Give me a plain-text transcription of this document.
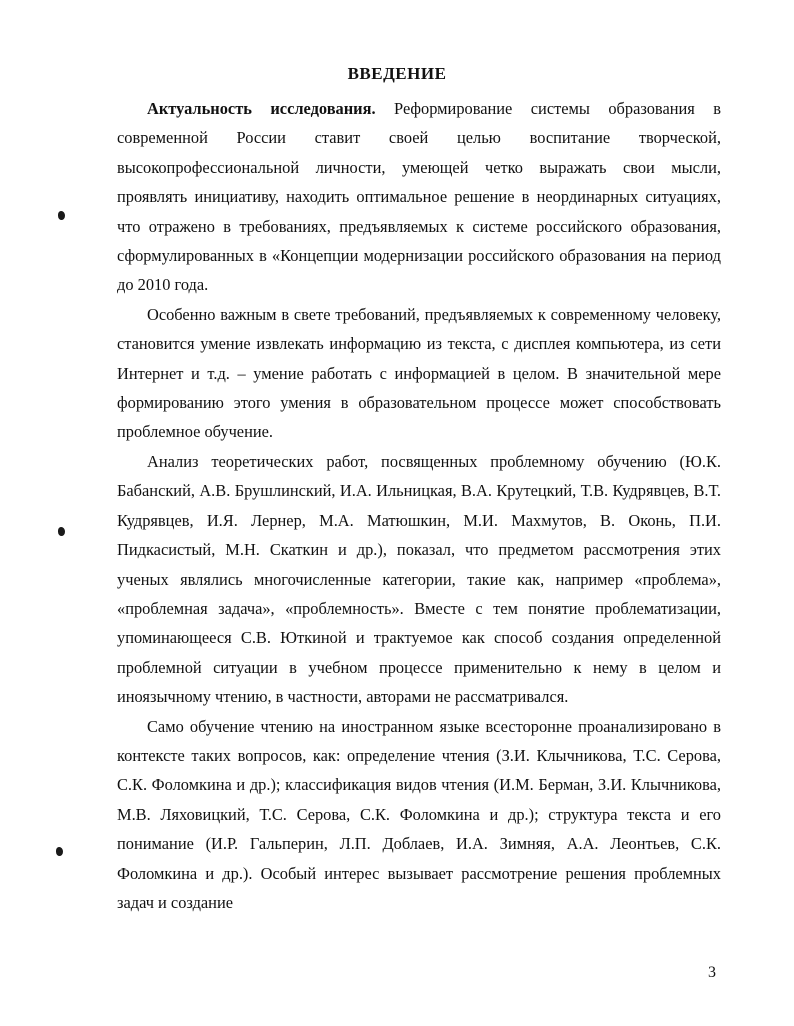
ВВЕДЕНИЕ

Актуальность исследования. Реформирование системы образования в современной России ставит своей целью воспитание творческой, высокопрофессиональной личности, умеющей четко выражать свои мысли, проявлять инициативу, находить оптимальное решение в неординарных ситуациях, что отражено в требованиях, предъявляемых к системе российского образования, сформулированных в «Концепции модернизации российского образования на период до 2010 года.

Особенно важным в свете требований, предъявляемых к современному человеку, становится умение извлекать информацию из текста, с дисплея компьютера, из сети Интернет и т.д. – умение работать с информацией в целом. В значительной мере формированию этого умения в образовательном процессе может способствовать проблемное обучение.

Анализ теоретических работ, посвященных проблемному обучению (Ю.К. Бабанский, А.В. Брушлинский, И.А. Ильницкая, В.А. Крутецкий, Т.В. Кудрявцев, В.Т. Кудрявцев, И.Я. Лернер, М.А. Матюшкин, М.И. Махмутов, В. Оконь, П.И. Пидкасистый, М.Н. Скаткин и др.), показал, что предметом рассмотрения этих ученых являлись многочисленные категории, такие как, например «проблема», «проблемная задача», «проблемность». Вместе с тем понятие проблематизации, упоминающееся С.В. Юткиной и трактуемое как способ создания определенной проблемной ситуации в учебном процессе применительно к нему в целом и иноязычному чтению, в частности, авторами не рассматривался.

Само обучение чтению на иностранном языке всесторонне проанализировано в контексте таких вопросов, как: определение чтения (З.И. Клычникова, Т.С. Серова, С.К. Фоломкина и др.); классификация видов чтения (И.М. Берман, З.И. Клычникова, М.В. Ляховицкий, Т.С. Серова, С.К. Фоломкина и др.); структура текста и его понимание (И.Р. Гальперин, Л.П. Доблаев, И.А. Зимняя, А.А. Леонтьев, С.К. Фоломкина и др.). Особый интерес вызывает рассмотрение решения проблемных задач и создание

3
